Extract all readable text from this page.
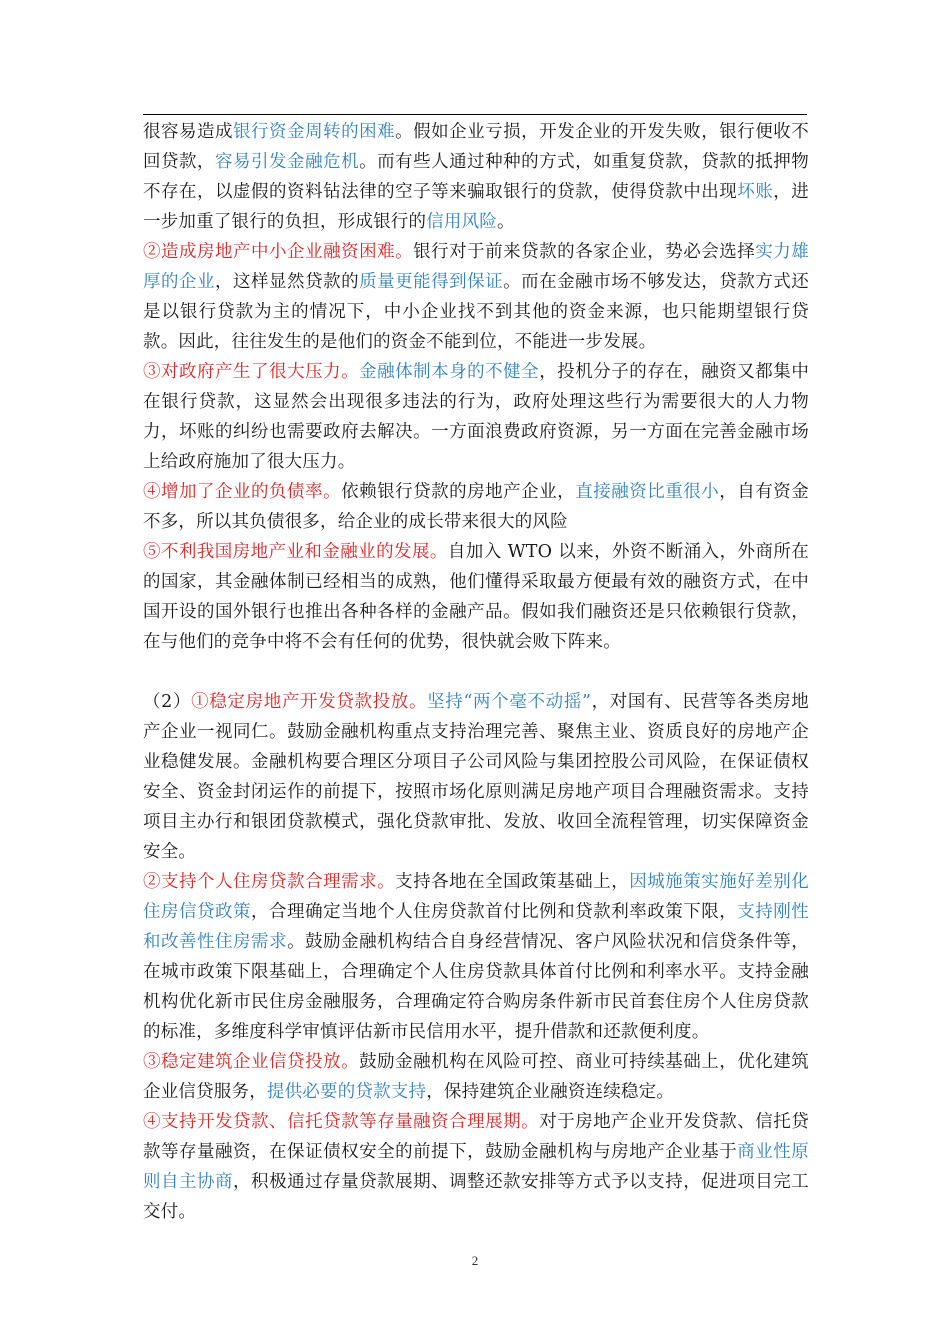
很容易造成银行资金周转的困难。假如企业亏损，开发企业的开发失败，银行便收不回贷款，容易引发金融危机。而有些人通过种种的方式，如重复贷款，贷款的抵押物不存在，以虚假的资料钻法律的空子等来骗取银行的贷款，使得贷款中出现坏账，进一步加重了银行的负担，形成银行的信用风险。

②造成房地产中小企业融资困难。银行对于前来贷款的各家企业，势必会选择实力雄厚的企业，这样显然贷款的质量更能得到保证。而在金融市场不够发达，贷款方式还是以银行贷款为主的情况下，中小企业找不到其他的资金来源，也只能期望银行贷款。因此，往往发生的是他们的资金不能到位，不能进一步发展。

③对政府产生了很大压力。金融体制本身的不健全，投机分子的存在，融资又都集中在银行贷款，这显然会出现很多违法的行为，政府处理这些行为需要很大的人力物力，坏账的纠纷也需要政府去解决。一方面浪费政府资源，另一方面在完善金融市场上给政府施加了很大压力。

④增加了企业的负债率。依赖银行贷款的房地产企业，直接融资比重很小，自有资金不多，所以其负债很多，给企业的成长带来很大的风险

⑤不利我国房地产业和金融业的发展。自加入 WTO 以来，外资不断涌入，外商所在的国家，其金融体制已经相当的成熟，他们懂得采取最方便最有效的融资方式，在中国开设的国外银行也推出各种各样的金融产品。假如我们融资还是只依赖银行贷款，在与他们的竞争中将不会有任何的优势，很快就会败下阵来。

（2）①稳定房地产开发贷款投放。坚持“两个毫不动摇”，对国有、民营等各类房地产企业一视同仁。鼓励金融机构重点支持治理完善、聚焦主业、资质良好的房地产企业稳健发展。金融机构要合理区分项目子公司风险与集团控股公司风险，在保证债权安全、资金封闭运作的前提下，按照市场化原则满足房地产项目合理融资需求。支持项目主办行和银团贷款模式，强化贷款审批、发放、收回全流程管理，切实保障资金安全。

②支持个人住房贷款合理需求。支持各地在全国政策基础上，因城施策实施好差别化住房信贷政策，合理确定当地个人住房贷款首付比例和贷款利率政策下限，支持刚性和改善性住房需求。鼓励金融机构结合自身经营情况、客户风险状况和信贷条件等，在城市政策下限基础上，合理确定个人住房贷款具体首付比例和利率水平。支持金融机构优化新市民住房金融服务，合理确定符合购房条件新市民首套住房个人住房贷款的标准，多维度科学审慎评估新市民信用水平，提升借款和还款便利度。

③稳定建筑企业信贷投放。鼓励金融机构在风险可控、商业可持续基础上，优化建筑企业信贷服务，提供必要的贷款支持，保持建筑企业融资连续稳定。

④支持开发贷款、信托贷款等存量融资合理展期。对于房地产企业开发贷款、信托贷款等存量融资，在保证债权安全的前提下，鼓励金融机构与房地产企业基于商业性原则自主协商，积极通过存量贷款展期、调整还款安排等方式予以支持，促进项目完工交付。

2
